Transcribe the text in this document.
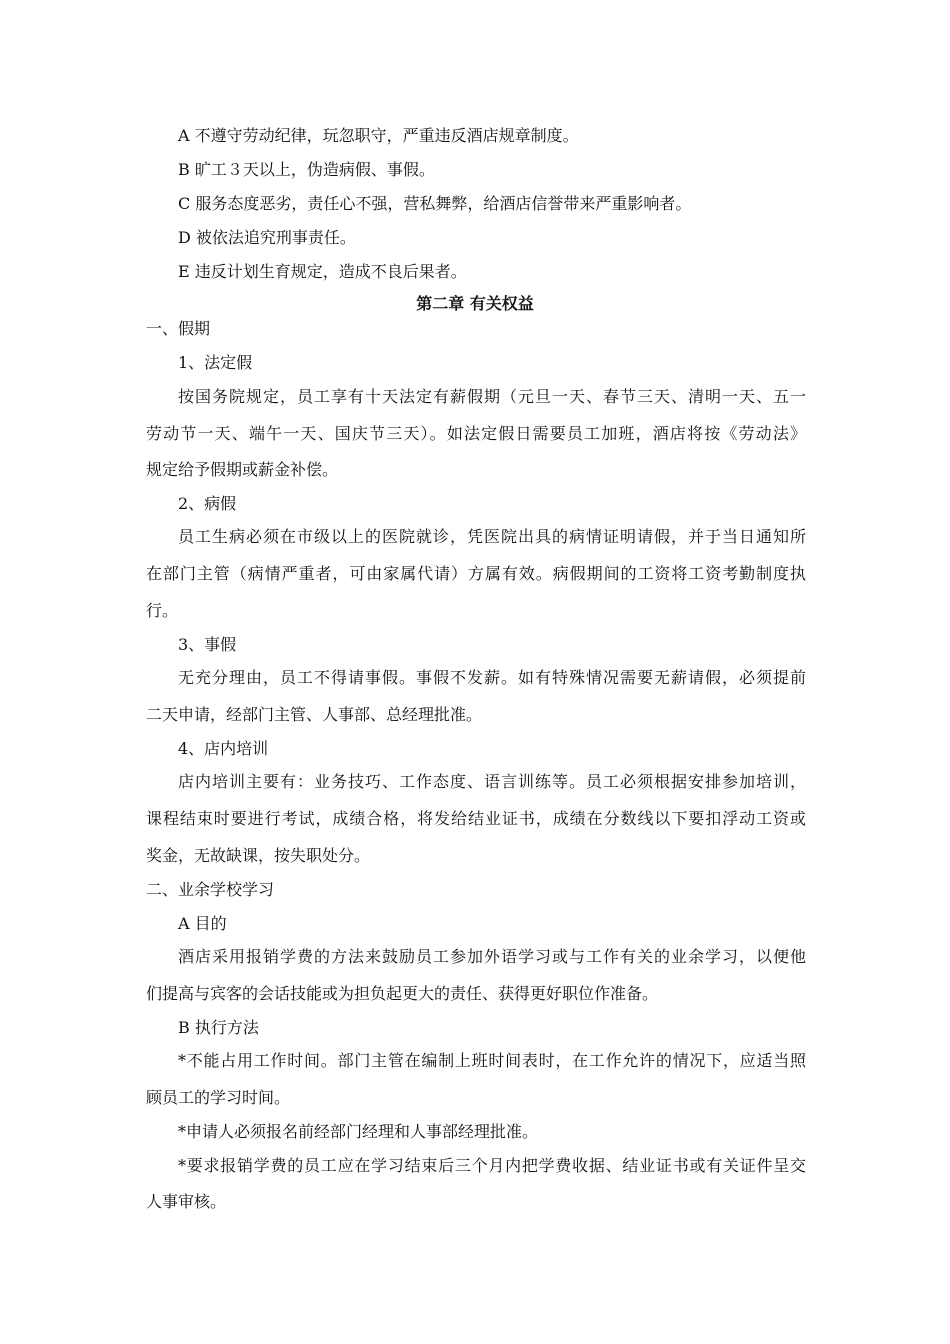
A 不遵守劳动纪律，玩忽职守，严重违反酒店规章制度。

B 旷工３天以上，伪造病假、事假。

C 服务态度恶劣，责任心不强，营私舞弊，给酒店信誉带来严重影响者。

D 被依法追究刑事责任。

E 违反计划生育规定，造成不良后果者。

第二章 有关权益

一、假期

1、法定假

按国务院规定，员工享有十天法定有薪假期（元旦一天、春节三天、清明一天、五一

劳动节一天、端午一天、国庆节三天）。如法定假日需要员工加班，酒店将按《劳动法》

规定给予假期或薪金补偿。

2、病假

员工生病必须在市级以上的医院就诊，凭医院出具的病情证明请假，并于当日通知所

在部门主管（病情严重者，可由家属代请）方属有效。病假期间的工资将工资考勤制度执

行。

3、事假

无充分理由，员工不得请事假。事假不发薪。如有特殊情况需要无薪请假，必须提前

二天申请，经部门主管、人事部、总经理批准。

4、店内培训

店内培训主要有：业务技巧、工作态度、语言训练等。员工必须根据安排参加培训，

课程结束时要进行考试，成绩合格，将发给结业证书，成绩在分数线以下要扣浮动工资或

奖金，无故缺课，按失职处分。

二、业余学校学习

A 目的

酒店采用报销学费的方法来鼓励员工参加外语学习或与工作有关的业余学习，以便他

们提高与宾客的会话技能或为担负起更大的责任、获得更好职位作准备。

B 执行方法

*不能占用工作时间。部门主管在编制上班时间表时，在工作允许的情况下，应适当照

顾员工的学习时间。

*申请人必须报名前经部门经理和人事部经理批准。

*要求报销学费的员工应在学习结束后三个月内把学费收据、结业证书或有关证件呈交

人事审核。
